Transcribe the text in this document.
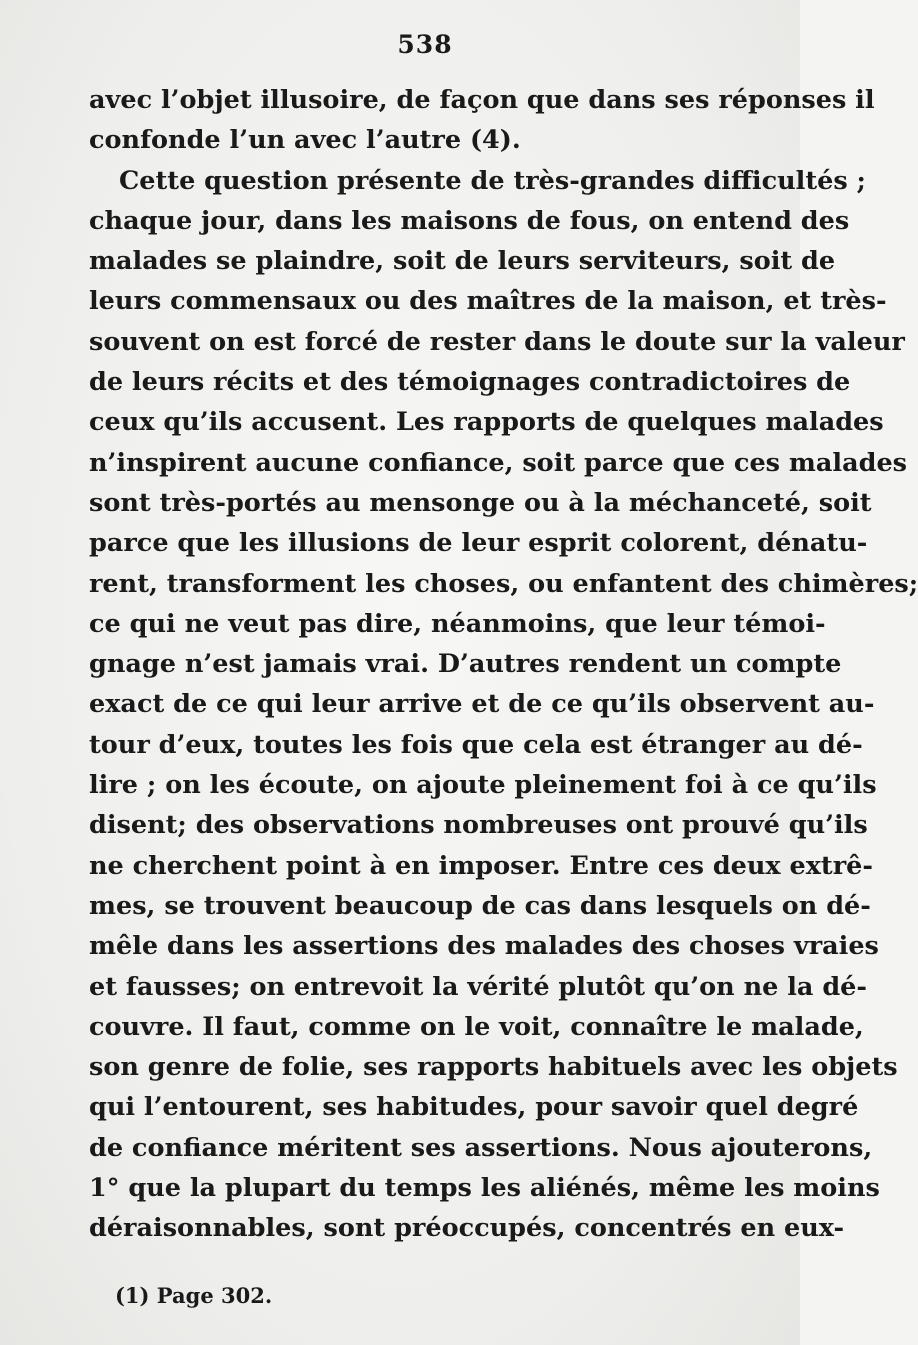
538
avec l’objet illusoire, de façon que dans ses réponses il
confonde l’un avec l’autre (4).
Cette question présente de très-grandes difficultés ;
chaque jour, dans les maisons de fous, on entend des
malades se plaindre, soit de leurs serviteurs, soit de
leurs commensaux ou des maîtres de la maison, et très-
souvent on est forcé de rester dans le doute sur la valeur
de leurs récits et des témoignages contradictoires de
ceux qu’ils accusent. Les rapports de quelques malades
n’inspirent aucune confiance, soit parce que ces malades
sont très-portés au mensonge ou à la méchanceté, soit
parce que les illusions de leur esprit colorent, dénatu-
rent, transforment les choses, ou enfantent des chimères;
ce qui ne veut pas dire, néanmoins, que leur témoi-
gnage n’est jamais vrai. D’autres rendent un compte
exact de ce qui leur arrive et de ce qu’ils observent au-
tour d’eux, toutes les fois que cela est étranger au dé-
lire ; on les écoute, on ajoute pleinement foi à ce qu’ils
disent; des observations nombreuses ont prouvé qu’ils
ne cherchent point à en imposer. Entre ces deux extrê-
mes, se trouvent beaucoup de cas dans lesquels on dé-
mêle dans les assertions des malades des choses vraies
et fausses; on entrevoit la vérité plutôt qu’on ne la dé-
couvre. Il faut, comme on le voit, connaître le malade,
son genre de folie, ses rapports habituels avec les objets
qui l’entourent, ses habitudes, pour savoir quel degré
de confiance méritent ses assertions. Nous ajouterons,
1° que la plupart du temps les aliénés, même les moins
déraisonnables, sont préoccupés, concentrés en eux-
(1) Page 302.
